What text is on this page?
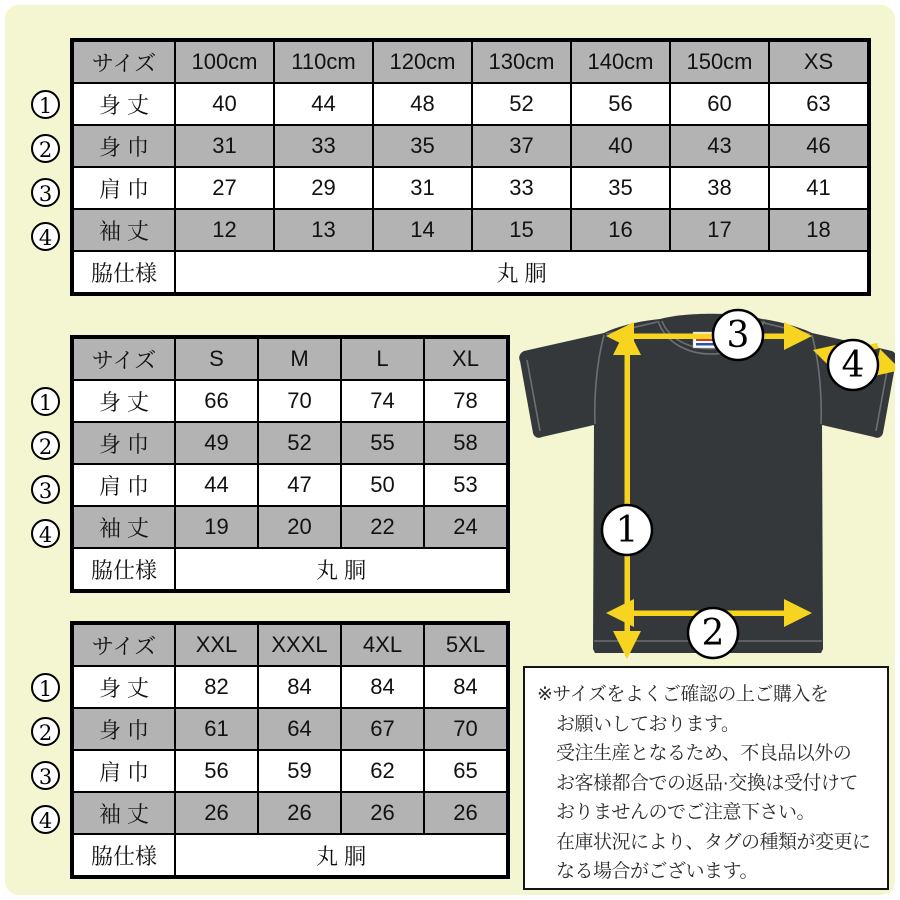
1
2
3
4
サイズ	100cm	110cm	120cm	130cm	140cm	150cm	XS
身 丈	40	44	48	52	56	60	63
身 巾	31	33	35	37	40	43	46
肩 巾	27	29	31	33	35	38	41
袖 丈	12	13	14	15	16	17	18
脇仕様	丸 胴						
1
2
3
4
サイズ	S	M	L	XL
身 丈	66	70	74	78
身 巾	49	52	55	58
肩 巾	44	47	50	53
袖 丈	19	20	22	24
脇仕様	丸 胴			
1
2
3
4
サイズ	XXL	XXXL	4XL	5XL
身 丈	82	84	84	84
身 巾	61	64	67	70
肩 巾	56	59	62	65
袖 丈	26	26	26	26
脇仕様	丸 胴			
1
2
3
4
※サイズをよくご確認の上ご購入を
お願いしております。
受注生産となるため、不良品以外の
お客様都合での返品·交換は受付けて
おりませんのでご注意下さい。
在庫状況により、タグの種類が変更に
なる場合がございます。
